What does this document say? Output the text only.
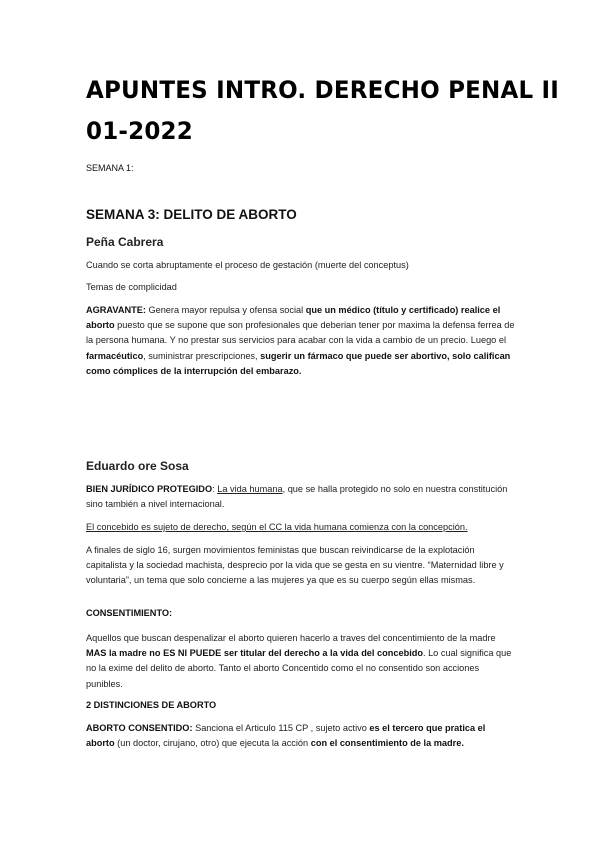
APUNTES INTRO. DERECHO PENAL II
01-2022
SEMANA 1:
SEMANA 3: DELITO DE ABORTO
Peña Cabrera

Cuando se corta abruptamente el proceso de gestación (muerte del conceptus)

Temas de complicidad

AGRAVANTE: Genera mayor repulsa y ofensa social que un médico (título y certificado) realice el aborto puesto que se supone que son profesionales que deberian tener por maxima la defensa ferrea de la persona humana. Y no prestar sus servicios para acabar con la vida a cambio de un precio. Luego el farmacéutico, suministrar prescripciones, sugerir un fármaco que puede ser abortivo, solo califican como cómplices de la interrupción del embarazo.

Eduardo ore Sosa

BIEN JURÍDICO PROTEGIDO: La vida humana, que se halla protegido no solo en nuestra constitución sino también a nivel internacional.

El concebido es sujeto de derecho, según el CC la vida humana comienza con la concepción.

A finales de siglo 16, surgen movimientos feministas que buscan reivindicarse de la explotación capitalista y la sociedad machista, desprecio por la vida que se gesta en su vientre. “Maternidad libre y voluntaria”, un tema que solo concierne a las mujeres ya que es su cuerpo según ellas mismas.

CONSENTIMIENTO:

Aquellos que buscan despenalizar el aborto quieren hacerlo a traves del concentimiento de la madre MAS la madre no ES NI PUEDE ser titular del derecho a la vida del concebido. Lo cual significa que no la exime del delito de aborto. Tanto el aborto Concentido como el no consentido son acciones punibles.

2 DISTINCIONES DE ABORTO

ABORTO CONSENTIDO: Sanciona el Articulo 115 CP , sujeto activo es el tercero que pratica el aborto (un doctor, cirujano, otro) que ejecuta la acción con el consentimiento de la madre.
